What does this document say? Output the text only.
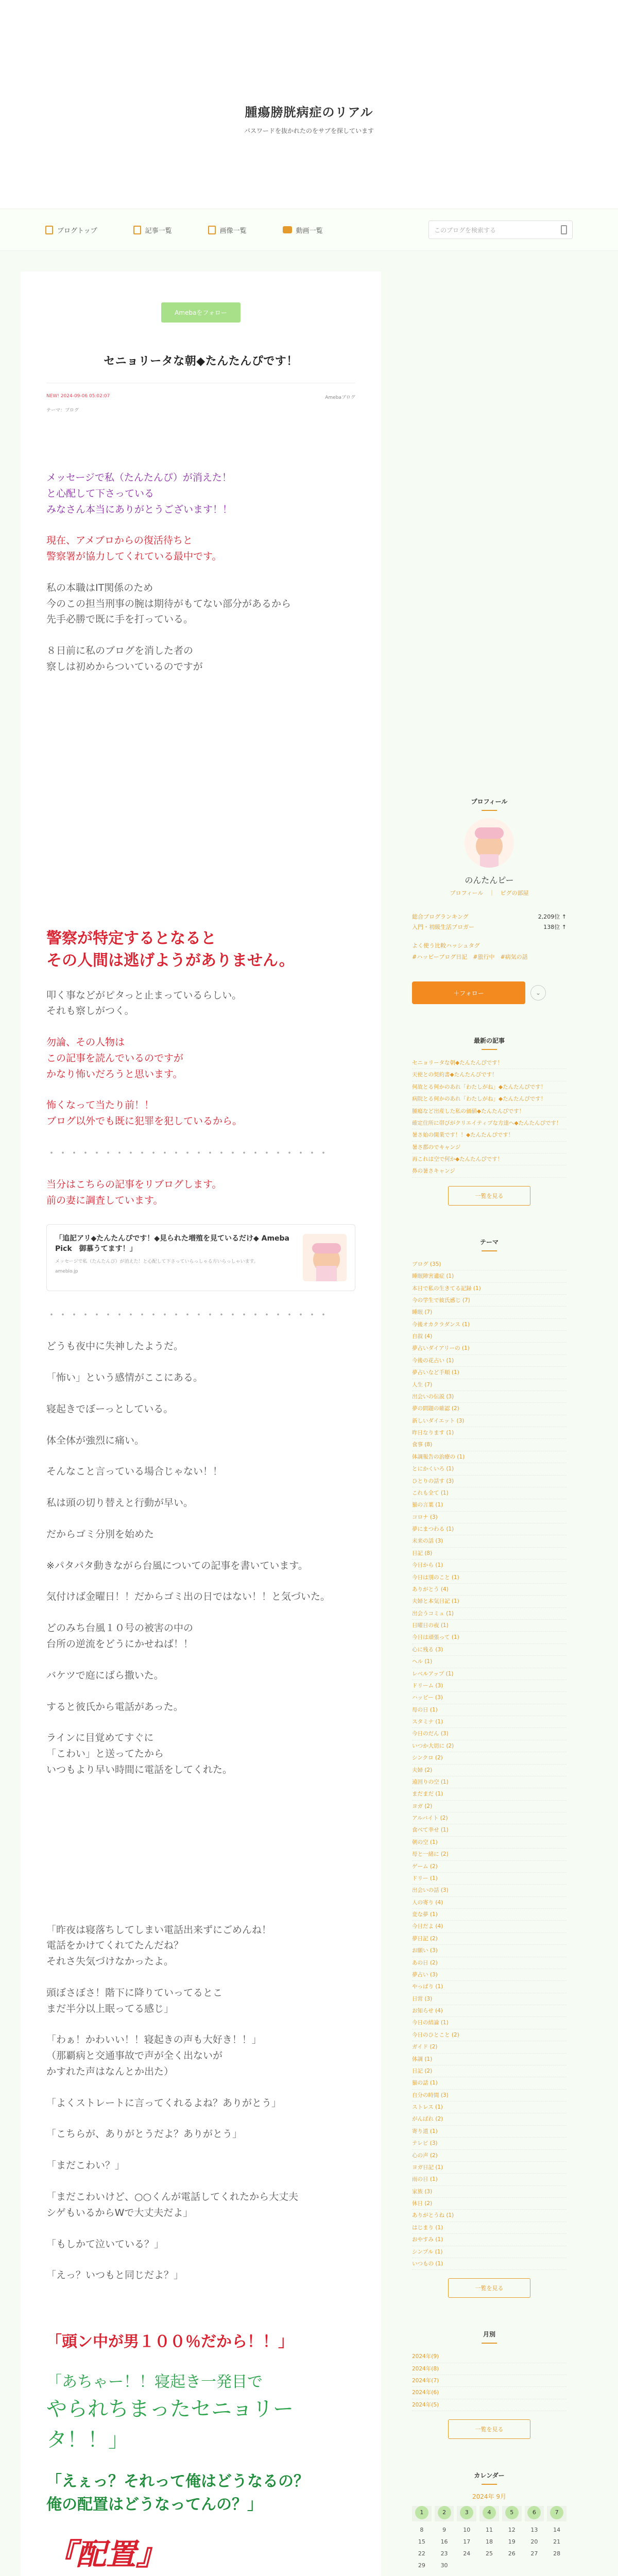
腫瘍膀胱病症のリアル
パスワードを抜かれたのをサブを探しています
ブログトップ	記事一覧	画像一覧	動画一覧	このブログを検索する
Amebaをフォロー
セニョリータな朝◆たんたんぴです！
NEW! 2024-09-06 05:02:07	Amebaブログ
テーマ：ブログ
メッセージで私（たんたんぴ）が消えた！
と心配して下さっている
みなさん本当にありがとうございます！！
現在、アメブロからの復活待ちと
警察署が協力してくれている最中です。
私の本職はIT関係のため
今のこの担当刑事の腕は期待がもてない部分があるから
先手必勝で既に手を打っている。
８日前に私のブログを消した者の
察しは初めからついているのですが
警察が特定するとなると
その人間は逃げようがありません。
叩く事などがピタっと止まっているらしい。
それも察しがつく。
勿論、その人物は
この記事を読んでいるのですが
かなり怖いだろうと思います。
怖くなって当たり前！！
ブログ以外でも既に犯罪を犯しているから。
・・・・・・・・・・・・・・・・・・・・・・・・・
当分はこちらの記事をリブログします。
前の妻に調査しています。
「追記アリ◆たんたんぴです！◆見られた増殖を見ているだけ◆ Ameba Pick　御慕うてます！」
メッセージで私（たんたんぴ）が消えた！と心配して下さっていらっしゃる方いらっしゃいます。
ameblo.jp
・・・・・・・・・・・・・・・・・・・・・・・・・
どうも夜中に失神したようだ。
「怖い」という感情がここにある。
寝起きでぼーっとしている。
体全体が強烈に痛い。
そんなこと言っている場合じゃない！！
私は頭の切り替えと行動が早い。
だからゴミ分別を始めた
※パタパタ動きながら台風についての記事を書いています。
気付けば金曜日！！だからゴミ出の日ではない！！と気づいた。
どのみち台風１０号の被害の中の
台所の逆流をどうにかせねば！！
バケツで庭にばら撒いた。
すると彼氏から電話があった。
ラインに目覚めてすぐに
「こわい」と送ってたから
いつもより早い時間に電話をしてくれた。
「昨夜は寝落ちしてしまい電話出来ずにごめんね！
電話をかけてくれてたんだね？
それさ失気づけなかったよ。
頭ぼさぼさ！階下に降りていってるとこ
まだ半分以上眠ってる感じ」
「わぁ！かわいい！！寝起きの声も大好き！！」
（那覇病と交通事故で声が全く出ないが
かすれた声はなんとか出た）
「よくストレートに言ってくれるよね？ありがとう」
「こちらが、ありがとうだよ？ありがとう」
「まだこわい？」
「まだこわいけど、○○くんが電話してくれたから大丈夫
シゲもいるからWで大丈夫だよ」
「もしかて泣いている？」
「えっ？いつもと同じだよ？」
「頭ン中が男１００％だから！！」
「あちゃー！！寝起き一発目で
やられちまったセニョリータ！！」
「えぇっ？それって俺はどうなるの？
俺の配置はどうなってんの？」
『配置』
プロフィール
のんたんピー
プロフィール　｜　ピグの部屋
総合ブログランキング	2,209位 ↑
入門・初級生活ブロガー	138位 ↑
よく使う比較ハッシュタグ
#ハッピーブログ日記　#旅行中　#病気の話
＋フォロー	⌄
最新の記事
セニョリータな朝◆たんたんぴです！
天使との契約書◆たんたんぴです！
何故とる何かのあれ「わたしがね」◆たんたんぴです！
病院とる何かのあれ「わたしがね」◆たんたんぴです！
腫瘍など出産した私の価値◆たんたんぴです！
確定住所に帯びがクリエイティブな方達へ◆たんたんぴです！
暑さ始の開業です！！◆たんたんぴです！
暑さ都のでキャンジ
再これは空で何か◆たんたんぴです！
鼻の暑さキャンジ
一覧を見る
テーマ
ブログ (35)
睡眠障害遺症 (1)
本日で私の生きてる記録 (1)
今の学生で彼氏感じ (7)
睡眠 (7)
今後オカクラダンス (1)
自叙 (4)
夢占いダイアリーの (1)
今後の花占い (1)
夢占いなど手順 (1)
人生 (7)
出会いの伝説 (3)
夢の問題の確認 (2)
新しいダイエット (3)
昨日なります (1)
食事 (8)
体調報告の治療の (1)
とにかくいろ (1)
ひとりの話す (3)
これも全て (1)
猫の言葉 (1)
コロナ (3)
夢にまつわる (1)
未来の話 (3)
日記 (8)
今日から (1)
今日は別のこと (1)
ありがとう (4)
夫婦と本気日記 (1)
出会うコミュ (1)
日曜日の夜 (1)
今日は頑張って (1)
心に残る (3)
ヘル (1)
レベルアップ (1)
ドリーム (3)
ハッピー (3)
母の日 (1)
スタミナ (1)
今日のだん (3)
いつか大切に (2)
シンクロ (2)
夫婦 (2)
遠回りの空 (1)
まだまだ (1)
ヨガ (2)
アルバイト (2)
食べて幸せ (1)
朝の空 (1)
母と一緒に (2)
ゲーム (2)
ドリー (1)
出会いの話 (3)
人の寄り (4)
変な夢 (1)
今日だよ (4)
夢日記 (2)
お願い (3)
あの日 (2)
夢占い (3)
やっぱり (1)
日常 (3)
お知らせ (4)
今日の結論 (1)
今日のひとこと (2)
ガイド (2)
体調 (1)
日記 (2)
猫の話 (1)
自分の時間 (3)
ストレス (1)
がんばれ (2)
寄り道 (1)
テレビ (3)
心の声 (2)
ヨガ日記 (1)
雨の日 (1)
家族 (3)
休日 (2)
ありがとうね (1)
はじまり (1)
おやすみ (1)
シンプル (1)
いつもの (1)
一覧を見る
月別
2024年(9)
2024年(8)
2024年(7)
2024年(6)
2024年(5)
一覧を見る
カレンダー
2024年 9月
1	2	3	4	5	6	7
8	9	10	11	12	13	14
15	16	17	18	19	20	21
22	23	24	25	26	27	28
29	30
